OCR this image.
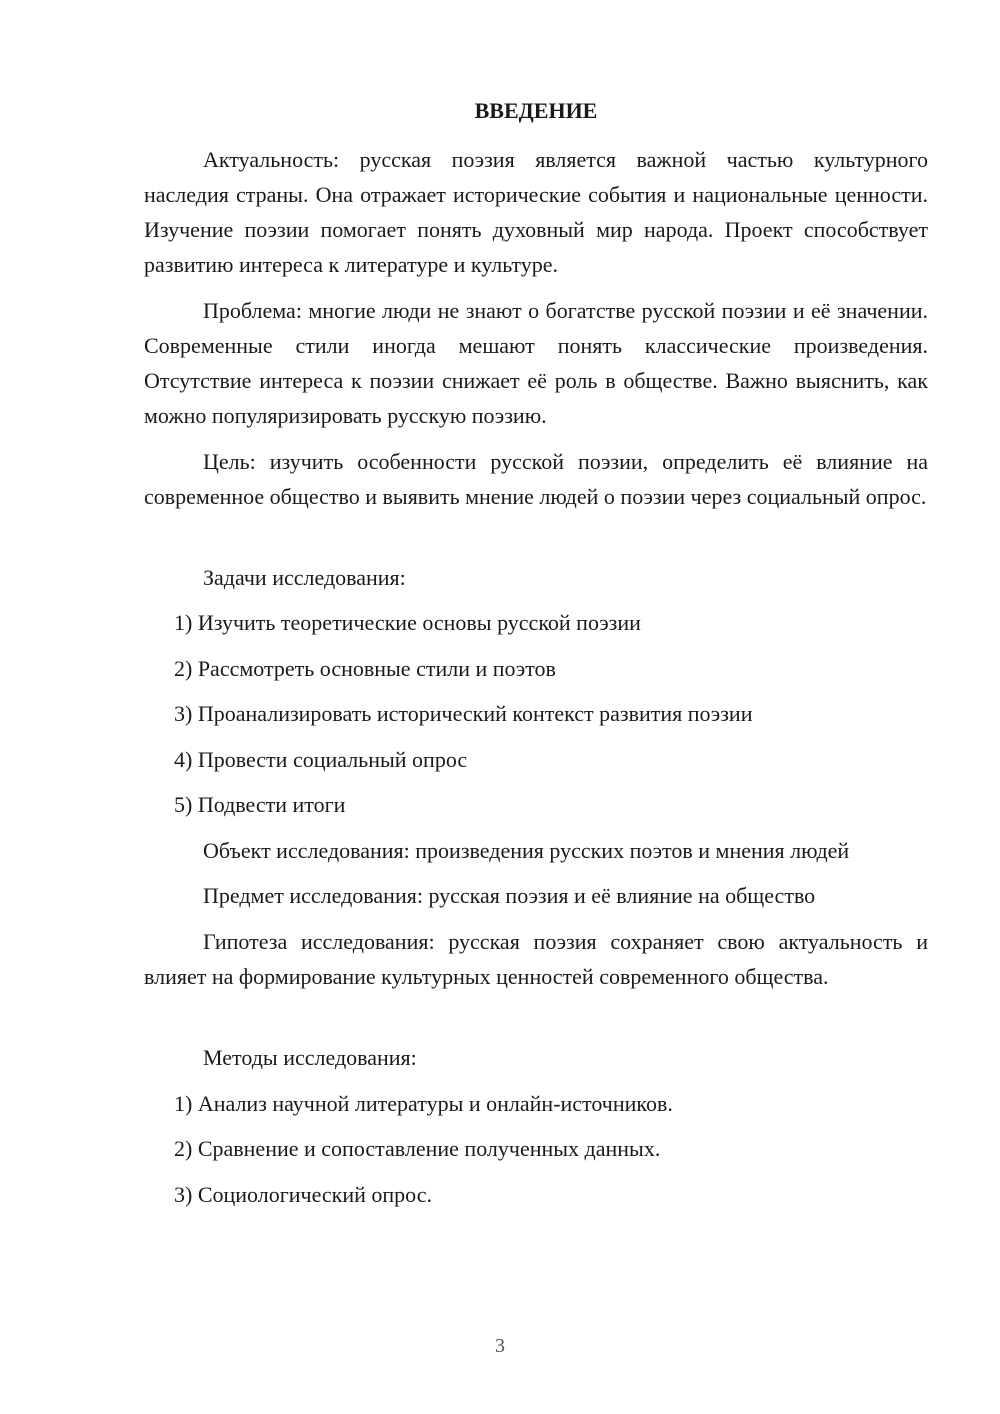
ВВЕДЕНИЕ

Актуальность: русская поэзия является важной частью культурного наследия страны. Она отражает исторические события и национальные ценности. Изучение поэзии помогает понять духовный мир народа. Проект способствует развитию интереса к литературе и культуре.

Проблема: многие люди не знают о богатстве русской поэзии и её значении. Современные стили иногда мешают понять классические произведения. Отсутствие интереса к поэзии снижает её роль в обществе. Важно выяснить, как можно популяризировать русскую поэзию.

Цель: изучить особенности русской поэзии, определить её влияние на современное общество и выявить мнение людей о поэзии через социальный опрос.

Задачи исследования:

1) Изучить теоретические основы русской поэзии

2) Рассмотреть основные стили и поэтов

3) Проанализировать исторический контекст развития поэзии

4) Провести социальный опрос

5) Подвести итоги

Объект исследования: произведения русских поэтов и мнения людей

Предмет исследования: русская поэзия и её влияние на общество

Гипотеза исследования: русская поэзия сохраняет свою актуальность и влияет на формирование культурных ценностей современного общества.

Методы исследования:

1) Анализ научной литературы и онлайн-источников.

2) Сравнение и сопоставление полученных данных.

3) Социологический опрос.

3
